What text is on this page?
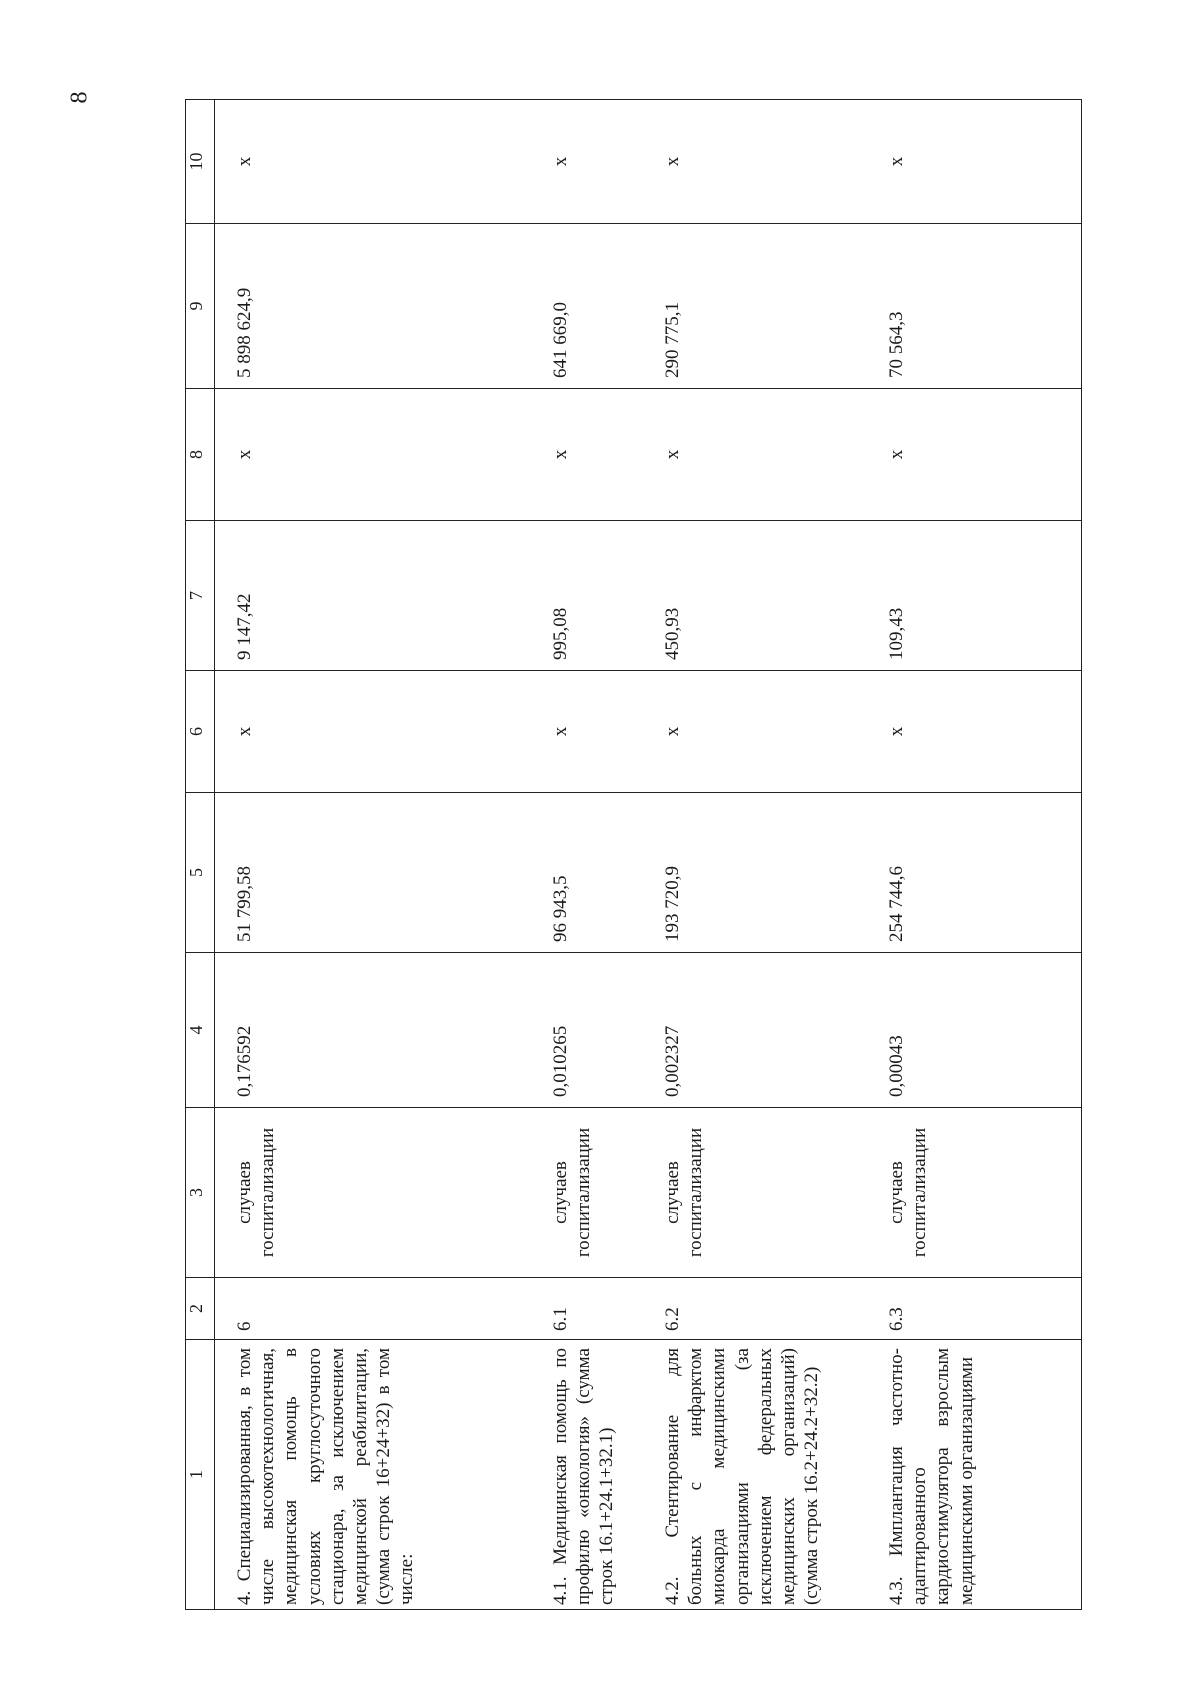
8
1	2	3	4	5	6	7	8	9	10
4. Специализированная, в том числе высокотехнологичная, медицинская помощь в условиях круглосуточного стационара, за исключением медицинской реабилитации, (сумма строк 16+24+32) в том числе:	6	случаев госпитализации	0,176592	51 799,58	х	9 147,42	х	5 898 624,9	х
4.1. Медицинская помощь по профилю «онкология» (сумма строк 16.1+24.1+32.1)	6.1	случаев госпитализации	0,010265	96 943,5	х	995,08	х	641 669,0	х
4.2. Стентирование для больных с инфарктом миокарда медицинскими организациями (за исключением федеральных медицинских организаций) (сумма строк 16.2+24.2+32.2)	6.2	случаев госпитализации	0,002327	193 720,9	х	450,93	х	290 775,1	х
4.3. Имплантация частотно-адаптированного кардиостимулятора взрослым медицинскими организациями	6.3	случаев госпитализации	0,00043	254 744,6	х	109,43	х	70 564,3	х
